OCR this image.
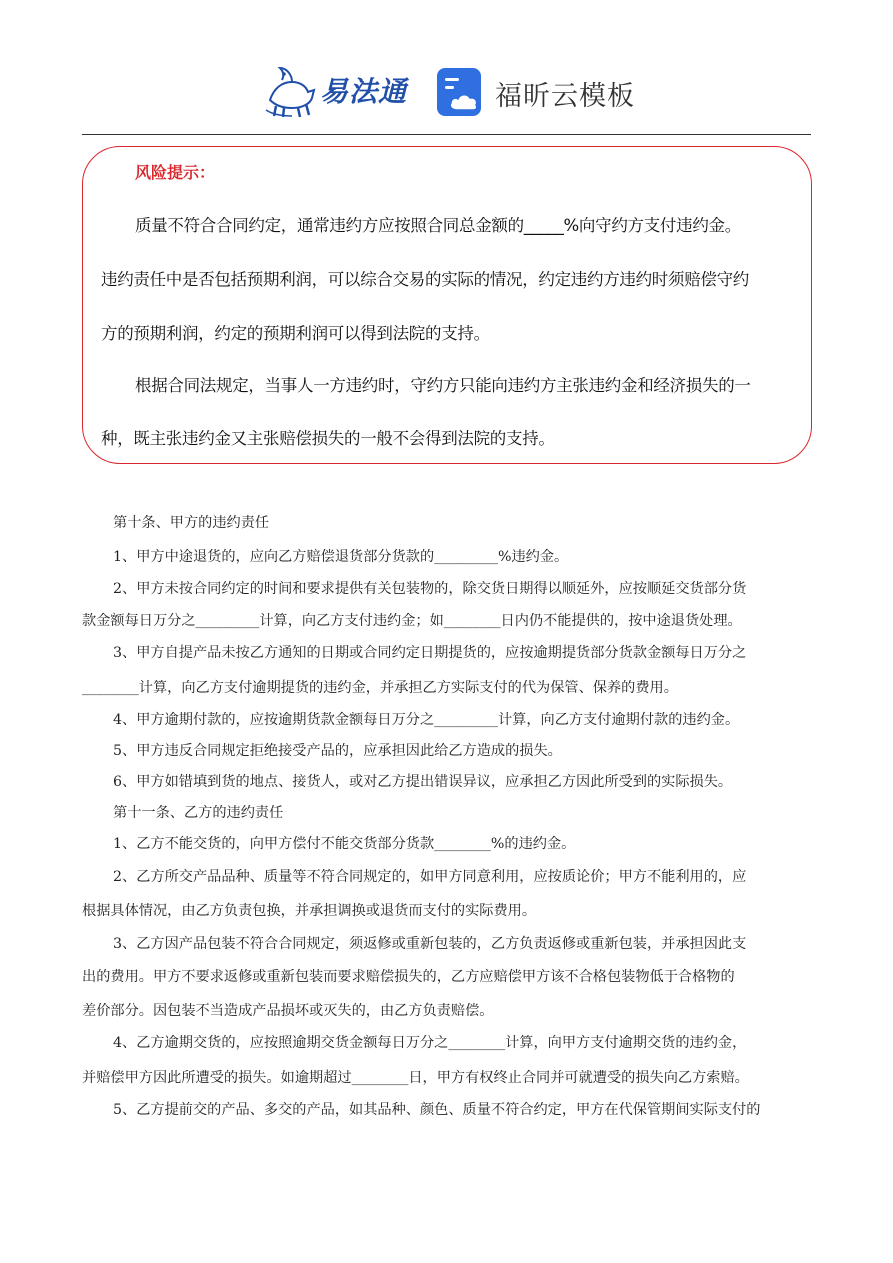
易法通	福昕云模板
风险提示：
质量不符合合同约定，通常违约方应按照合同总金额的_____%向守约方支付违约金。
违约责任中是否包括预期利润，可以综合交易的实际的情况，约定违约方违约时须赔偿守约
方的预期利润，约定的预期利润可以得到法院的支持。
根据合同法规定，当事人一方违约时，守约方只能向违约方主张违约金和经济损失的一
种，既主张违约金又主张赔偿损失的一般不会得到法院的支持。
第十条、甲方的违约责任
1、甲方中途退货的，应向乙方赔偿退货部分货款的_________%违约金。
2、甲方未按合同约定的时间和要求提供有关包装物的，除交货日期得以顺延外，应按顺延交货部分货
款金额每日万分之_________计算，向乙方支付违约金；如________日内仍不能提供的，按中途退货处理。
3、甲方自提产品未按乙方通知的日期或合同约定日期提货的，应按逾期提货部分货款金额每日万分之
________计算，向乙方支付逾期提货的违约金，并承担乙方实际支付的代为保管、保养的费用。
4、甲方逾期付款的，应按逾期货款金额每日万分之_________计算，向乙方支付逾期付款的违约金。
5、甲方违反合同规定拒绝接受产品的，应承担因此给乙方造成的损失。
6、甲方如错填到货的地点、接货人，或对乙方提出错误异议，应承担乙方因此所受到的实际损失。
第十一条、乙方的违约责任
1、乙方不能交货的，向甲方偿付不能交货部分货款________%的违约金。
2、乙方所交产品品种、质量等不符合同规定的，如甲方同意利用，应按质论价；甲方不能利用的，应
根据具体情况，由乙方负责包换，并承担调换或退货而支付的实际费用。
3、乙方因产品包装不符合合同规定，须返修或重新包装的，乙方负责返修或重新包装，并承担因此支
出的费用。甲方不要求返修或重新包装而要求赔偿损失的，乙方应赔偿甲方该不合格包装物低于合格物的
差价部分。因包装不当造成产品损坏或灭失的，由乙方负责赔偿。
4、乙方逾期交货的，应按照逾期交货金额每日万分之________计算，向甲方支付逾期交货的违约金，
并赔偿甲方因此所遭受的损失。如逾期超过________日，甲方有权终止合同并可就遭受的损失向乙方索赔。
5、乙方提前交的产品、多交的产品，如其品种、颜色、质量不符合约定，甲方在代保管期间实际支付的
